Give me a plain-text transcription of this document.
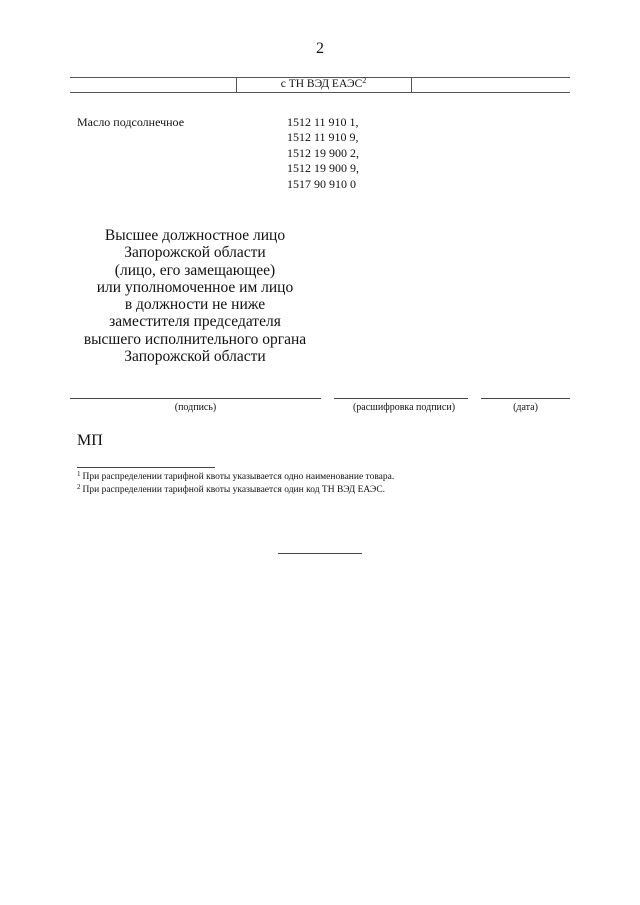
2
с ТН ВЭД ЕАЭС$^2$
Масло подсолнечное	1512 11 910 1,
1512 11 910 9,
1512 19 900 2,
1512 19 900 9,
1517 90 910 0
Высшее должностное лицо
Запорожской области
(лицо, его замещающее)
или уполномоченное им лицо
в должности не ниже
заместителя председателя
высшего исполнительного органа
Запорожской области
(подпись)	(расшифровка подписи)	(дата)
МП
$^1$ При распределении тарифной квоты указывается одно наименование товара.
$^2$ При распределении тарифной квоты указывается один код ТН ВЭД ЕАЭС.
